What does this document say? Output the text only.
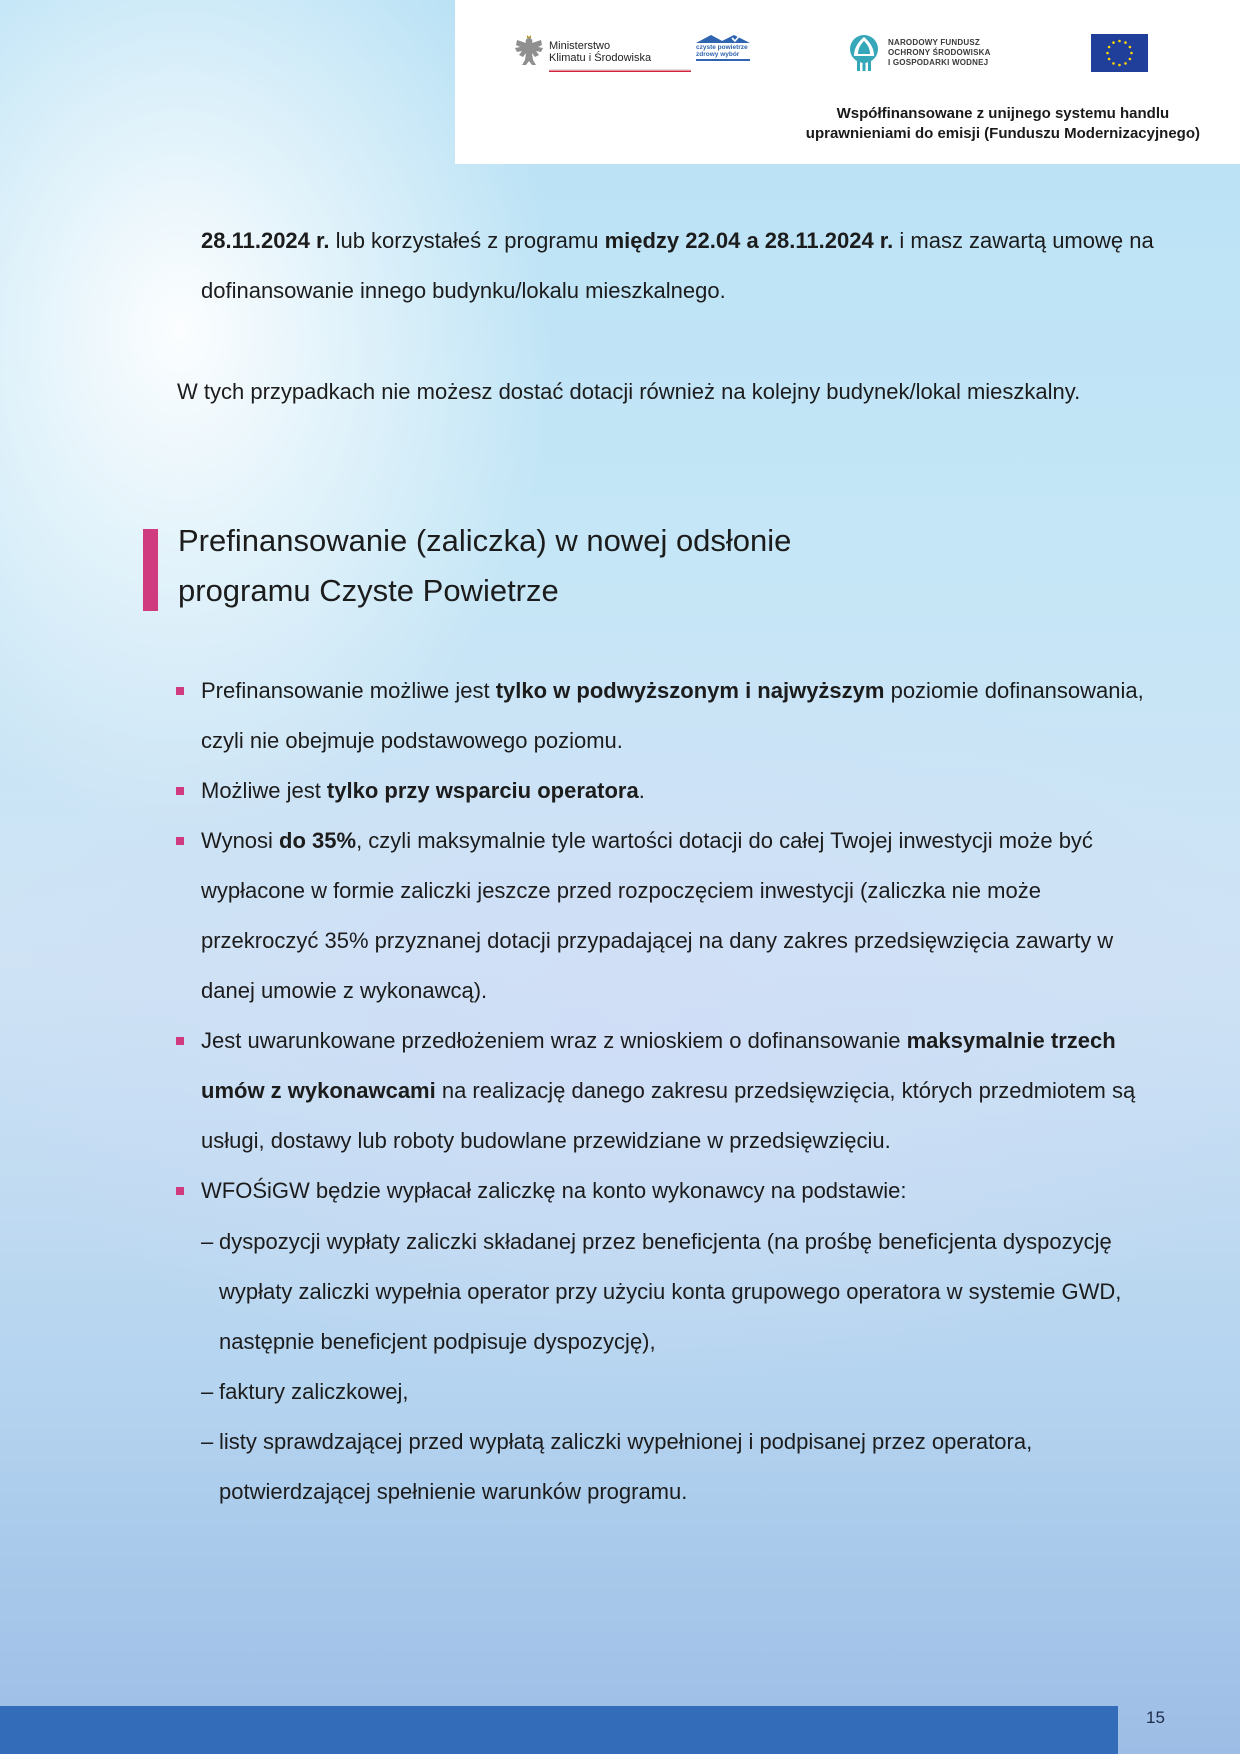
Ministerstwo
Klimatu i Środowiska
czyste powietrze
zdrowy wybór
NARODOWY FUNDUSZ
OCHRONY ŚRODOWISKA
I GOSPODARKI WODNEJ
Współfinansowane z unijnego systemu handlu
uprawnieniami do emisji (Funduszu Modernizacyjnego)

28.11.2024 r. lub korzystałeś z programu między 22.04 a 28.11.2024 r. i masz zawartą umowę na dofinansowanie innego budynku/lokalu mieszkalnego.

W tych przypadkach nie możesz dostać dotacji również na kolejny budynek/lokal mieszkalny.

Prefinansowanie (zaliczka) w nowej odsłonie
programu Czyste Powietrze
Prefinansowanie możliwe jest tylko w podwyższonym i najwyższym poziomie dofinansowania, czyli nie obejmuje podstawowego poziomu.
Możliwe jest tylko przy wsparciu operatora.
Wynosi do 35%, czyli maksymalnie tyle wartości dotacji do całej Twojej inwestycji może być wypłacone w formie zaliczki jeszcze przed rozpoczęciem inwestycji (zaliczka nie może przekroczyć 35% przyznanej dotacji przypadającej na dany zakres przedsięwzięcia zawarty w danej umowie z wykonawcą).
Jest uwarunkowane przedłożeniem wraz z wnioskiem o dofinansowanie maksymalnie trzech umów z wykonawcami na realizację danego zakresu przedsięwzięcia, których przedmiotem są usługi, dostawy lub roboty budowlane przewidziane w przedsięwzięciu.
WFOŚiGW będzie wypłacał zaliczkę na konto wykonawcy na podstawie:
– dyspozycji wypłaty zaliczki składanej przez beneficjenta (na prośbę beneficjenta dyspozycję wypłaty zaliczki wypełnia operator przy użyciu konta grupowego operatora w systemie GWD, następnie beneficjent podpisuje dyspozycję),
– faktury zaliczkowej,
– listy sprawdzającej przed wypłatą zaliczki wypełnionej i podpisanej przez operatora, potwierdzającej spełnienie warunków programu.
15
